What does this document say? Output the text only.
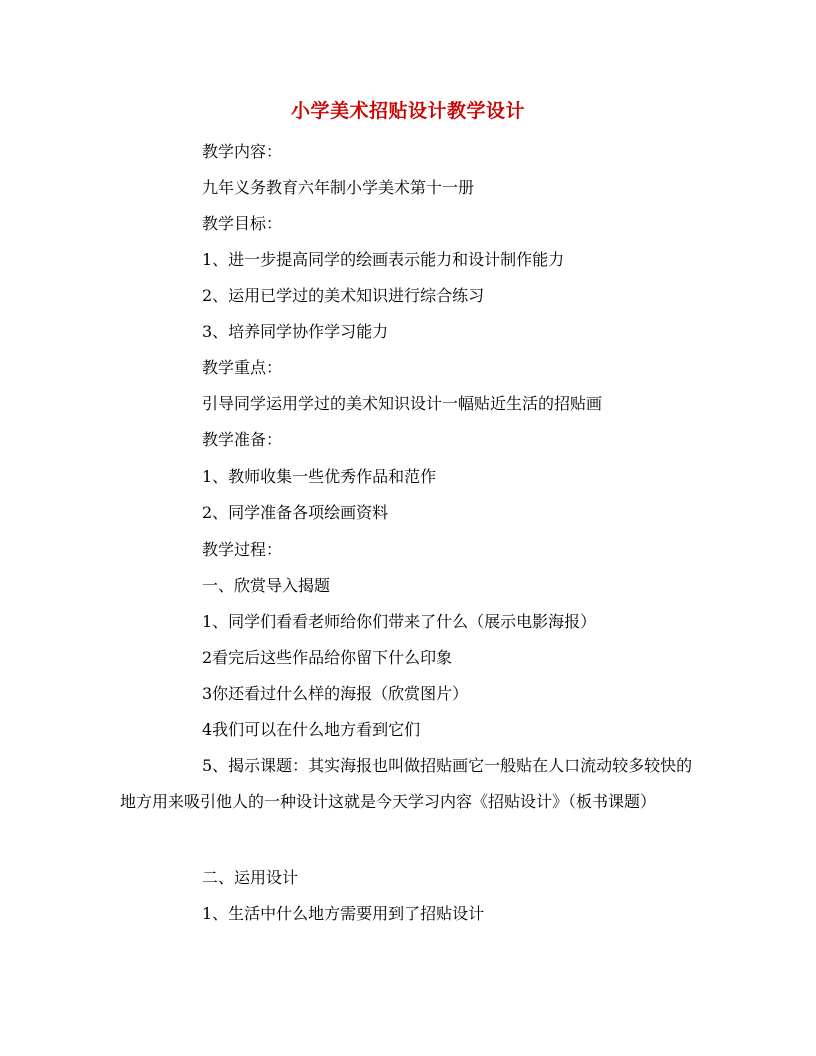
小学美术招贴设计教学设计
教学内容：
九年义务教育六年制小学美术第十一册
教学目标：
1、进一步提高同学的绘画表示能力和设计制作能力
2、运用已学过的美术知识进行综合练习
3、培养同学协作学习能力
教学重点：
引导同学运用学过的美术知识设计一幅贴近生活的招贴画
教学准备：
1、教师收集一些优秀作品和范作
2、同学准备各项绘画资料
教学过程：
一、欣赏导入揭题
1、同学们看看老师给你们带来了什么（展示电影海报）
2看完后这些作品给你留下什么印象
3你还看过什么样的海报（欣赏图片）
4我们可以在什么地方看到它们
5、揭示课题：其实海报也叫做招贴画它一般贴在人口流动较多较快的地方用来吸引他人的一种设计这就是今天学习内容《招贴设计》（板书课题）
二、运用设计
1、生活中什么地方需要用到了招贴设计
